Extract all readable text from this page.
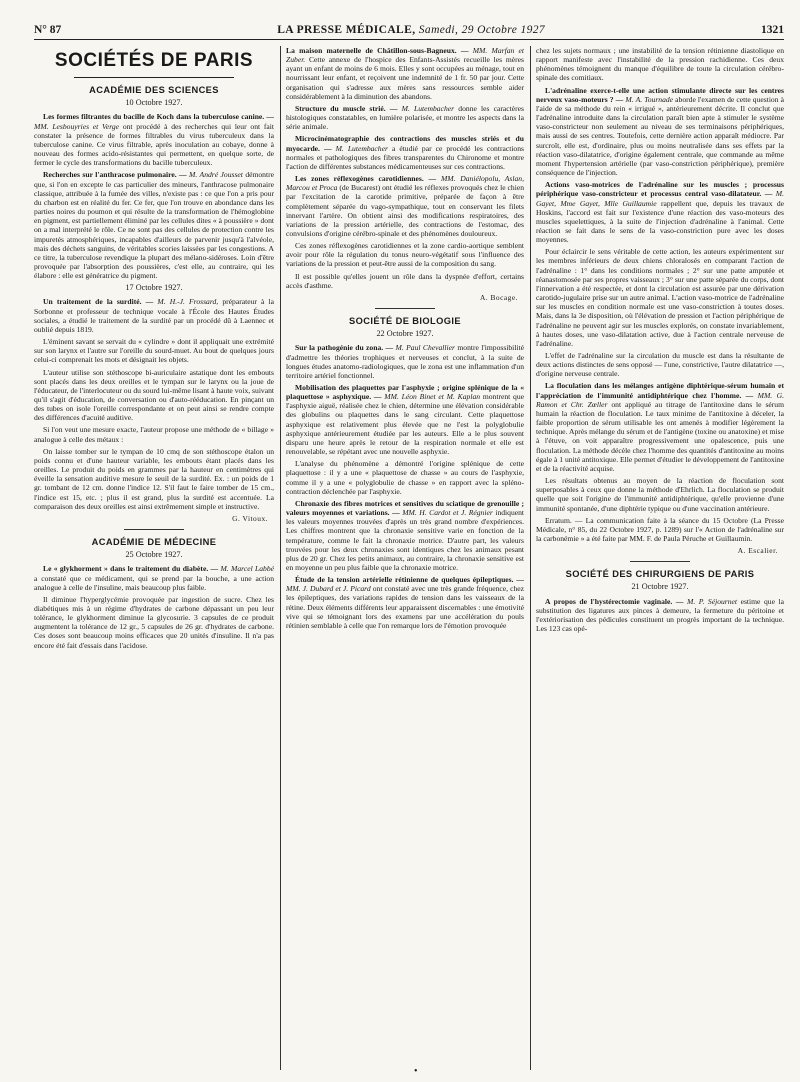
N° 87	LA PRESSE MÉDICALE, Samedi, 29 Octobre 1927	1321
SOCIÉTÉS DE PARIS
ACADÉMIE DES SCIENCES
10 Octobre 1927.

Les formes filtrantes du bacille de Koch dans la tuberculose canine. — MM. Lesbouyries et Verge ont procédé à des recherches qui leur ont fait constater la présence de formes filtrables du virus tuberculeux dans la tuberculose canine. Ce virus filtrable, après inoculation au cobaye, donne à nouveau des formes acido-résistantes qui permettent, en quelque sorte, de fermer le cycle des transformations du bacille tuberculeux.

Recherches sur l'anthracose pulmonaire. — M. André Jousset démontre que, si l'on en excepte le cas particulier des mineurs, l'anthracose pulmonaire classique, attribuée à la fumée des villes, n'existe pas : ce que l'on a pris pour du charbon est en réalité du fer. Ce fer, que l'on trouve en abondance dans les parties noires du poumon et qui résulte de la transformation de l'hémoglobine en pigment, est partiellement éliminé par les cellules dites « à poussière » dont on a mal interprété le rôle. Ce ne sont pas des cellules de protection contre les impuretés atmosphériques, incapables d'ailleurs de parvenir jusqu'à l'alvéole, mais des déchets sanguins, de véritables scories laissées par les congestions. A ce titre, la tuberculose revendique la plupart des mélano-sidéroses. Loin d'être provoquée par l'absorption des poussières, c'est elle, au contraire, qui les élabore : elle est génératrice du pigment.

17 Octobre 1927.

Un traitement de la surdité. — M. H.-J. Frossard, préparateur à la Sorbonne et professeur de technique vocale à l'École des Hautes Études sociales, a étudié le traitement de la surdité par un procédé dû à Laennec et oublié depuis 1819.

L'éminent savant se servait du « cylindre » dont il appliquait une extrémité sur son larynx et l'autre sur l'oreille du sourd-muet. Au bout de quelques jours celui-ci comprenait les mots et désignait les objets.

L'auteur utilise son stéthoscope bi-auriculaire astatique dont les embouts sont placés dans les deux oreilles et le tympan sur le larynx ou la joue de l'éducateur, de l'interlocuteur ou du sourd lui-même lisant à haute voix, suivant qu'il s'agit d'éducation, de conversation ou d'auto-rééducation. En pinçant un des tubes on isole l'oreille correspondante et on peut ainsi se rendre compte des différences d'acuité auditive.

Si l'on veut une mesure exacte, l'auteur propose une méthode de « billage » analogue à celle des métaux :

On laisse tomber sur le tympan de 10 cmq de son stéthoscope étalon un poids connu et d'une hauteur variable, les embouts étant placés dans les oreilles. Le produit du poids en grammes par la hauteur en centimètres qui éveille la sensation auditive mesure le seuil de la surdité. Ex. : un poids de 1 gr. tombant de 12 cm. donne l'indice 12. S'il faut le faire tomber de 15 cm., l'indice est 15, etc. ; plus il est grand, plus la surdité est accentuée. La comparaison des deux oreilles est ainsi extrêmement simple et instructive.

G. Vitoux.
ACADÉMIE DE MÉDECINE
25 Octobre 1927.

Le « glykhorment » dans le traitement du diabète. — M. Marcel Labbé a constaté que ce médicament, qui se prend par la bouche, a une action analogue à celle de l'insuline, mais beaucoup plus faible.

Il diminue l'hyperglycémie provoquée par ingestion de sucre. Chez les diabétiques mis à un régime d'hydrates de carbone dépassant un peu leur tolérance, le glykhorment diminue la glycosurie. 3 capsules de ce produit augmentent la tolérance de 12 gr., 5 capsules de 26 gr. d'hydrates de carbone. Ces doses sont beaucoup moins efficaces que 20 unités d'insuline. Il n'a pas encore été fait d'essais dans l'acidose.

La maison maternelle de Châtillon-sous-Bagneux. — MM. Marfan et Zuber. Cette annexe de l'hospice des Enfants-Assistés recueille les mères ayant un enfant de moins de 6 mois. Elles y sont occupées au ménage, tout en nourrissant leur enfant, et reçoivent une indemnité de 1 fr. 50 par jour. Cette organisation qui s'adresse aux mères sans ressources semble aider considérablement à la diminution des abandons.

Structure du muscle strié. — M. Lutembacher donne les caractères histologiques constatables, en lumière polarisée, et montre les aspects dans la série animale.

Microcinématographie des contractions des muscles striés et du myocarde. — M. Lutembacher a étudié par ce procédé les contractions normales et pathologiques des fibres transparentes du Chironome et montre l'action de différentes substances médicamenteuses sur ces contractions.

Les zones réflexogènes carotidiennes. — MM. Daniélopolu, Aslan, Marcou et Proca (de Bucarest) ont étudié les réflexes provoqués chez le chien par l'excitation de la carotide primitive, préparée de façon à être complètement séparée du vago-sympathique, tout en conservant les filets innervant l'artère. On obtient ainsi des modifications respiratoires, des variations de la pression artérielle, des contractions de l'estomac, des convulsions d'origine cérébro-spinale et des phénomènes douloureux.

Ces zones réflexogènes carotidiennes et la zone cardio-aortique semblent avoir pour rôle la régulation du tonus neuro-végétatif sous l'influence des variations de la pression et peut-être aussi de la composition du sang.

Il est possible qu'elles jouent un rôle dans la dyspnée d'effort, certains accès d'asthme.

A. Bocage.
SOCIÉTÉ DE BIOLOGIE
22 Octobre 1927.

Sur la pathogénie du zona. — M. Paul Chevallier montre l'impossibilité d'admettre les théories trophiques et nerveuses et conclut, à la suite de longues études anatomo-radiologiques, que le zona est une inflammation d'un territoire artériel fonctionnel.

Mobilisation des plaquettes par l'asphyxie ; origine splénique de la « plaquettose » asphyxique. — MM. Léon Binet et M. Kaplan montrent que l'asphyxie aiguë, réalisée chez le chien, détermine une élévation considérable des globulins ou plaquettes dans le sang circulant. Cette plaquettose asphyxique est relativement plus élevée que ne l'est la polyglobulie asphyxique antérieurement étudiée par les auteurs. Elle a le plus souvent disparu une heure après le retour de la respiration normale et elle est renouvelable, se répétant avec une nouvelle asphyxie.

L'analyse du phénomène a démontré l'origine splénique de cette plaquettose : il y a une « plaquettose de chasse » au cours de l'asphyxie, comme il y a une « polyglobulie de chasse » en rapport avec la spléno-contraction déclenchée par l'asphyxie.

Chronaxie des fibres motrices et sensitives du sciatique de grenouille ; valeurs moyennes et variations. — MM. H. Cardot et J. Régnier indiquent les valeurs moyennes trouvées d'après un très grand nombre d'expériences. Les chiffres montrent que la chronaxie sensitive varie en fonction de la température, comme le fait la chronaxie motrice. D'autre part, les valeurs trouvées pour les deux chronaxies sont identiques chez les animaux pesant plus de 20 gr. Chez les petits animaux, au contraire, la chronaxie sensitive est en moyenne un peu plus faible que la chronaxie motrice.

Étude de la tension artérielle rétinienne de quelques épileptiques. — MM. J. Dubard et J. Picard ont constaté avec une très grande fréquence, chez les épileptiques, des variations rapides de tension dans les vaisseaux de la rétine. Deux éléments différents leur apparaissent discernables : une émotivité vive qui se témoignant lors des examens par une accélération du pouls rétinien semblable à celle que l'on remarque lors de l'émotion provoquée

chez les sujets normaux ; une instabilité de la tension rétinienne diastolique en rapport manifeste avec l'instabilité de la pression rachidienne. Ces deux phénomènes témoignent du manque d'équilibre de toute la circulation cérébro-spinale des comitiaux.

L'adrénaline exerce-t-elle une action stimulante directe sur les centres nerveux vaso-moteurs ? — M. A. Tournade aborde l'examen de cette question à l'aide de sa méthode du rein « irrigué », antérieurement décrite. Il conclut que l'adrénaline introduite dans la circulation paraît bien apte à stimuler le système vaso-constricteur non seulement au niveau de ses terminaisons périphériques, mais aussi de ses centres. Toutefois, cette dernière action apparaît médiocre. Par surcroît, elle est, d'ordinaire, plus ou moins neutralisée dans ses effets par la réaction vaso-dilatatrice, d'origine également centrale, que commande au même moment l'hypertension artérielle (par vaso-constriction périphérique), première conséquence de l'injection.

Actions vaso-motrices de l'adrénaline sur les muscles ; processus périphérique vaso-constricteur et processus central vaso-dilatateur. — M. Gayet, Mme Gayet, Mlle Guillaumie rappellent que, depuis les travaux de Hoskins, l'accord est fait sur l'existence d'une réaction des vaso-moteurs des muscles squelettiques, à la suite de l'injection d'adrénaline à l'animal. Cette réaction se fait dans le sens de la vaso-constriction pure avec les doses moyennes.

Pour éclaircir le sens véritable de cette action, les auteurs expérimentent sur les membres inférieurs de deux chiens chloralosés en comparant l'action de l'adrénaline : 1° dans les conditions normales ; 2° sur une patte amputée et réanastomosée par ses propres vaisseaux ; 3° sur une patte séparée du corps, dont l'innervation a été respectée, et dont la circulation est assurée par une dérivation carotido-jugulaire prise sur un autre animal. L'action vaso-motrice de l'adrénaline sur les muscles en condition normale est une vaso-constriction à toutes doses. Mais, dans la 3e disposition, où l'élévation de pression et l'action périphérique de l'adrénaline ne peuvent agir sur les muscles explorés, on constate invariablement, à hautes doses, une vaso-dilatation active, due à l'action centrale nerveuse de l'adrénaline.

L'effet de l'adrénaline sur la circulation du muscle est dans la résultante de deux actions distinctes de sens opposé — l'une, constrictive, l'autre dilatatrice —, d'origine nerveuse centrale.

La floculation dans les mélanges antigène diphtérique-sérum humain et l'appréciation de l'immunité antidiphtérique chez l'homme. — MM. G. Ramon et Chr. Zœller ont appliqué au titrage de l'antitoxine dans le sérum humain la réaction de floculation. Le taux minime de l'antitoxine à déceler, la faible proportion de sérum utilisable les ont amenés à modifier légèrement la technique. Après mélange du sérum et de l'antigène (toxine ou anatoxine) et mise à l'étuve, on voit apparaître progressivement une opalescence, puis une floculation. La méthode décèle chez l'homme des quantités d'antitoxine au moins égale à 1 unité antitoxique. Elle permet d'étudier le développement de l'antitoxine et de la réactivité acquise.

Les résultats obtenus au moyen de la réaction de floculation sont superposables à ceux que donne la méthode d'Ehrlich. La floculation se produit quelle que soit l'origine de l'immunité antidiphtérique, qu'elle provienne d'une immunité spontanée, d'une diphtérie typique ou d'une vaccination antérieure.

Erratum. — La communication faite à la séance du 15 Octobre (La Presse Médicale, n° 85, du 22 Octobre 1927, p. 1289) sur l'« Action de l'adrénaline sur la carbonémie » a été faite par MM. F. de Paula Péruche et Guillaumin.

A. Escalier.
SOCIÉTÉ DES CHIRURGIENS DE PARIS
21 Octobre 1927.

A propos de l'hystérectomie vaginale. — M. P. Séjournet estime que la substitution des ligatures aux pinces à demeure, la fermeture du péritoine et l'extériorisation des pédicules constituent un progrès important de la technique. Les 123 cas opé-

•
